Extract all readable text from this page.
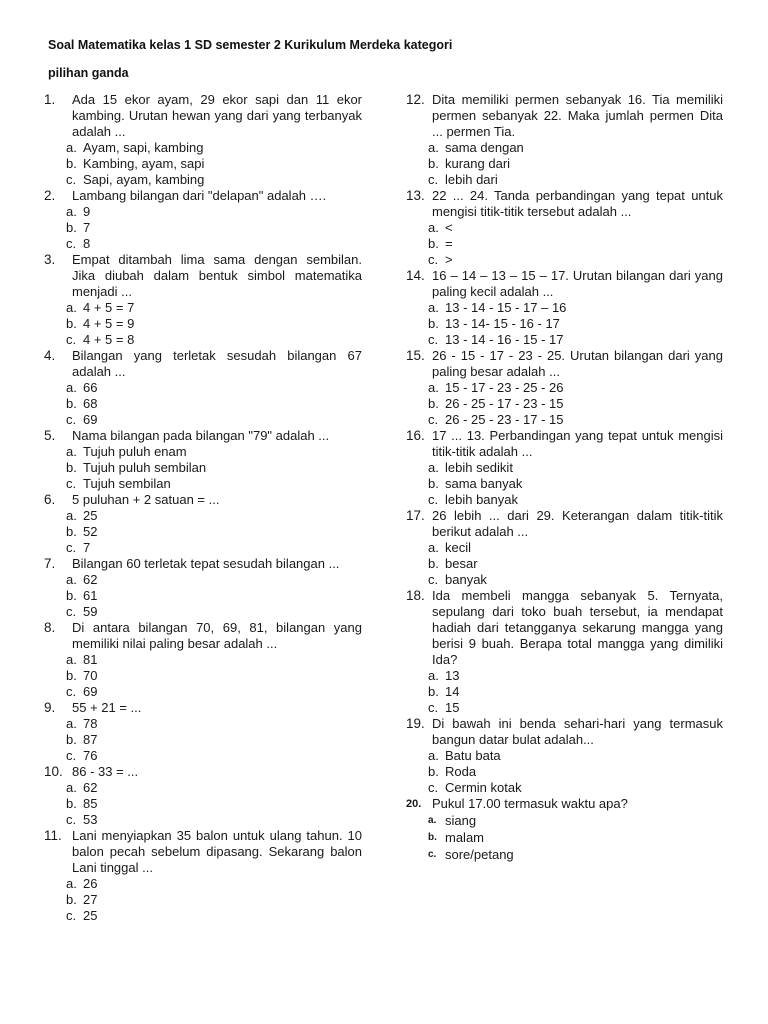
Soal Matematika kelas 1 SD semester 2 Kurikulum Merdeka kategori
pilihan ganda
1.	Ada 15 ekor ayam, 29 ekor sapi dan 11 ekor kambing. Urutan hewan yang dari yang terbanyak adalah ...
a. Ayam, sapi, kambing
b. Kambing, ayam, sapi
c. Sapi, ayam, kambing
2.	Lambang bilangan dari "delapan" adalah ….
a. 9
b. 7
c. 8
3.	Empat ditambah lima sama dengan sembilan. Jika diubah dalam bentuk simbol matematika menjadi ...
a. 4 + 5 = 7
b. 4 + 5 = 9
c. 4 + 5 = 8
4.	Bilangan yang terletak sesudah bilangan 67 adalah ...
a. 66
b. 68
c. 69
5.	Nama bilangan pada bilangan "79" adalah ...
a. Tujuh puluh enam
b. Tujuh puluh sembilan
c. Tujuh sembilan
6.	5 puluhan + 2 satuan = ...
a. 25
b. 52
c. 7
7.	Bilangan 60 terletak tepat sesudah bilangan ...
a. 62
b. 61
c. 59
8.	Di antara bilangan 70, 69, 81, bilangan yang memiliki nilai paling besar adalah ...
a. 81
b. 70
c. 69
9.	55 + 21 = ...
a. 78
b. 87
c. 76
10. 86 - 33 = ...
a. 62
b. 85
c. 53
11. Lani menyiapkan 35 balon untuk ulang tahun. 10 balon pecah sebelum dipasang. Sekarang balon Lani tinggal ...
a. 26
b. 27
c. 25
12. Dita memiliki permen sebanyak 16. Tia memiliki permen sebanyak 22. Maka jumlah permen Dita ... permen Tia.
a. sama dengan
b. kurang dari
c. lebih dari
13. 22 ... 24. Tanda perbandingan yang tepat untuk mengisi titik-titik tersebut adalah ...
a. <
b. =
c. >
14. 16 – 14 – 13 – 15 – 17. Urutan bilangan dari yang paling kecil adalah ...
a. 13 - 14 - 15 - 17 – 16
b. 13 - 14- 15 - 16 - 17
c. 13 - 14 - 16 - 15 - 17
15. 26 - 15 - 17 - 23 - 25. Urutan bilangan dari yang paling besar adalah ...
a. 15 - 17 - 23 - 25 - 26
b. 26 - 25 - 17 - 23 - 15
c. 26 - 25 - 23 - 17 - 15
16. 17 ... 13. Perbandingan yang tepat untuk mengisi titik-titik adalah ...
a. lebih sedikit
b. sama banyak
c. lebih banyak
17. 26 lebih ... dari 29. Keterangan dalam titik-titik berikut adalah ...
a. kecil
b. besar
c. banyak
18. Ida membeli mangga sebanyak 5. Ternyata, sepulang dari toko buah tersebut, ia mendapat hadiah dari tetangganya sekarung mangga yang berisi 9 buah. Berapa total mangga yang dimiliki Ida?
a. 13
b. 14
c. 15
19. Di bawah ini benda sehari-hari yang termasuk bangun datar bulat adalah...
a. Batu bata
b. Roda
c. Cermin kotak
20. Pukul 17.00 termasuk waktu apa?
a. siang
b. malam
c. sore/petang
